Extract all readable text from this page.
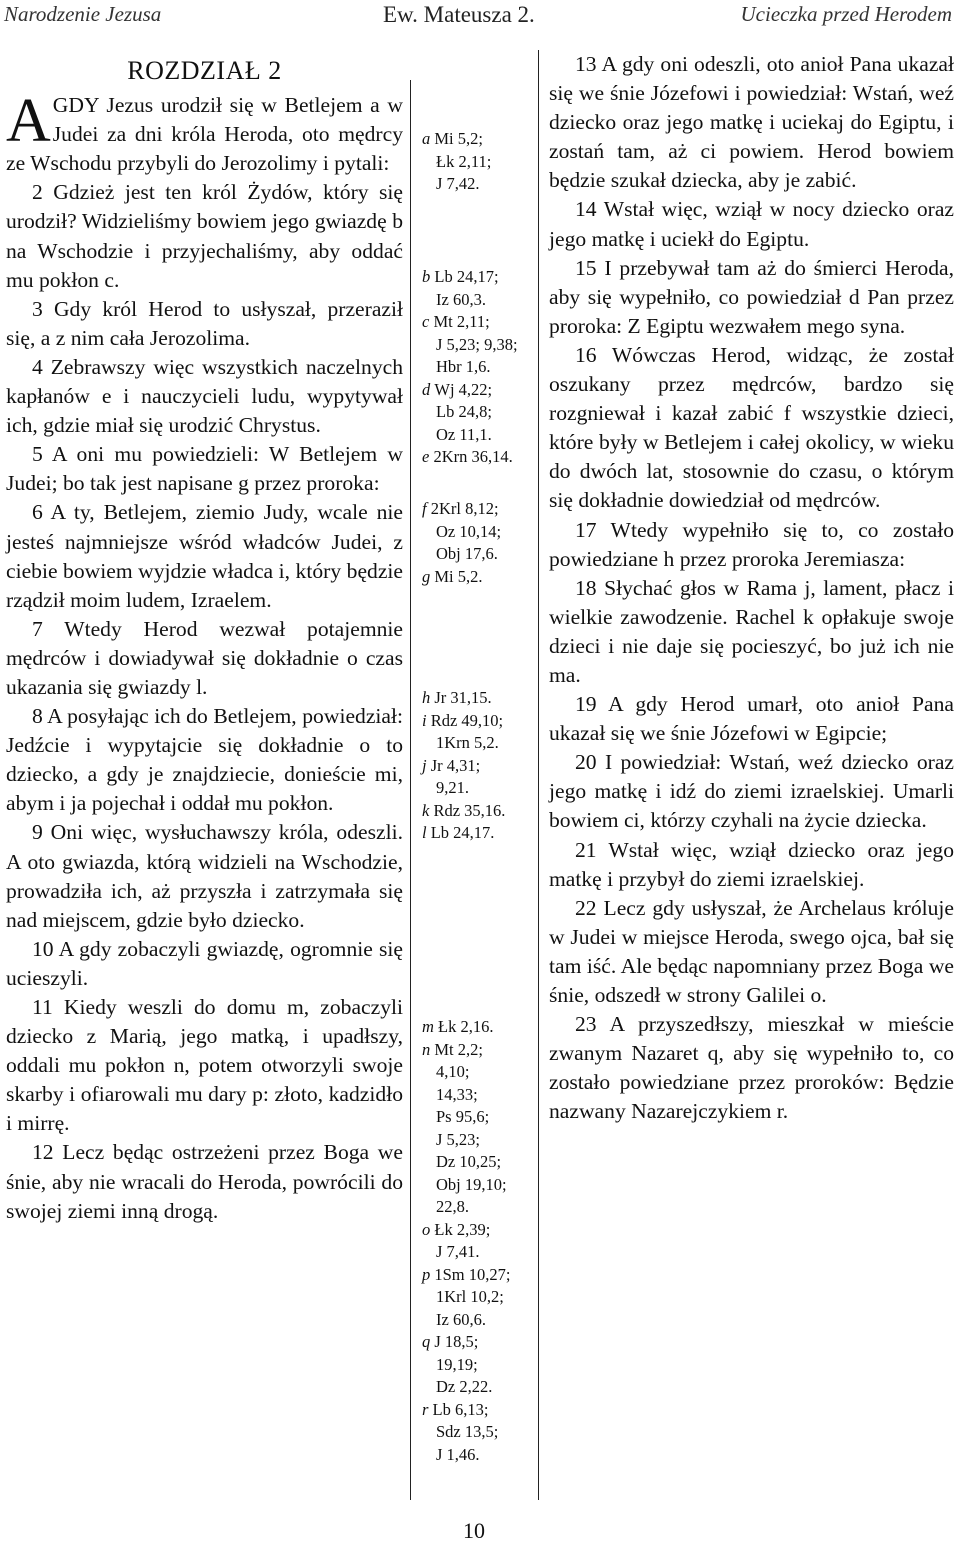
Narodzenie Jezusa	Ew. Mateusza 2.	Ucieczka przed Herodem

ROZDZIAŁ 2

AGDY Jezus urodził się w Betlejem a w Judei za dni króla Heroda, oto mędrcy ze Wschodu przybyli do Jerozolimy i pytali:

2 Gdzież jest ten król Żydów, który się urodził? Widzieliśmy bowiem jego gwiazdę b na Wschodzie i przyjechaliśmy, aby oddać mu pokłon c.

3 Gdy król Herod to usłyszał, przeraził się, a z nim cała Jerozolima.

4 Zebrawszy więc wszystkich naczelnych kapłanów e i nauczycieli ludu, wypytywał ich, gdzie miał się urodzić Chrystus.

5 A oni mu powiedzieli: W Betlejem w Judei; bo tak jest napisane g przez proroka:

6 A ty, Betlejem, ziemio Judy, wcale nie jesteś najmniejsze wśród władców Judei, z ciebie bowiem wyjdzie władca i, który będzie rządził moim ludem, Izraelem.

7 Wtedy Herod wezwał potajemnie mędrców i dowiadywał się dokładnie o czas ukazania się gwiazdy l.

8 A posyłając ich do Betlejem, powiedział: Jedźcie i wypytajcie się dokładnie o to dziecko, a gdy je znajdziecie, donieście mi, abym i ja pojechał i oddał mu pokłon.

9 Oni więc, wysłuchawszy króla, odeszli. A oto gwiazda, którą widzieli na Wschodzie, prowadziła ich, aż przyszła i zatrzymała się nad miejscem, gdzie było dziecko.

10 A gdy zobaczyli gwiazdę, ogromnie się ucieszyli.

11 Kiedy weszli do domu m, zobaczyli dziecko z Marią, jego matką, i upadłszy, oddali mu pokłon n, potem otworzyli swoje skarby i ofiarowali mu dary p: złoto, kadzidło i mirrę.

12 Lecz będąc ostrzeżeni przez Boga we śnie, aby nie wracali do Heroda, powrócili do swojej ziemi inną drogą.

13 A gdy oni odeszli, oto anioł Pana ukazał się we śnie Józefowi i powiedział: Wstań, weź dziecko oraz jego matkę i uciekaj do Egiptu, i zostań tam, aż ci powiem. Herod bowiem będzie szukał dziecka, aby je zabić.

14 Wstał więc, wziął w nocy dziecko oraz jego matkę i uciekł do Egiptu.

15 I przebywał tam aż do śmierci Heroda, aby się wypełniło, co powiedział d Pan przez proroka: Z Egiptu wezwałem mego syna.

16 Wówczas Herod, widząc, że został oszukany przez mędrców, bardzo się rozgniewał i kazał zabić f wszystkie dzieci, które były w Betlejem i całej okolicy, w wieku do dwóch lat, stosownie do czasu, o którym się dokładnie dowiedział od mędrców.

17 Wtedy wypełniło się to, co zostało powiedziane h przez proroka Jeremiasza:

18 Słychać głos w Rama j, lament, płacz i wielkie zawodzenie. Rachel k opłakuje swoje dzieci i nie daje się pocieszyć, bo już ich nie ma.

19 A gdy Herod umarł, oto anioł Pana ukazał się we śnie Józefowi w Egipcie;

20 I powiedział: Wstań, weź dziecko oraz jego matkę i idź do ziemi izraelskiej. Umarli bowiem ci, którzy czyhali na życie dziecka.

21 Wstał więc, wziął dziecko oraz jego matkę i przybył do ziemi izraelskiej.

22 Lecz gdy usłyszał, że Archelaus króluje w Judei w miejsce Heroda, swego ojca, bał się tam iść. Ale będąc napomniany przez Boga we śnie, odszedł w strony Galilei o.

23 A przyszedłszy, mieszkał w mieście zwanym Nazaret q, aby się wypełniło to, co zostało powiedziane przez proroków: Będzie nazwany Nazarejczykiem r.

a Mi 5,2;
Łk 2,11;
J 7,42.
b Lb 24,17;
Iz 60,3.
c Mt 2,11;
J 5,23; 9,38;
Hbr 1,6.
d Wj 4,22;
Lb 24,8;
Oz 11,1.
e 2Krn 36,14.
f 2Krl 8,12;
Oz 10,14;
Obj 17,6.
g Mi 5,2.
h Jr 31,15.
i Rdz 49,10;
1Krn 5,2.
j Jr 4,31;
9,21.
k Rdz 35,16.
l Lb 24,17.
m Łk 2,16.
n Mt 2,2;
4,10;
14,33;
Ps 95,6;
J 5,23;
Dz 10,25;
Obj 19,10;
22,8.
o Łk 2,39;
J 7,41.
p 1Sm 10,27;
1Krl 10,2;
Iz 60,6.
q J 18,5;
19,19;
Dz 2,22.
r Lb 6,13;
Sdz 13,5;
J 1,46.
10
